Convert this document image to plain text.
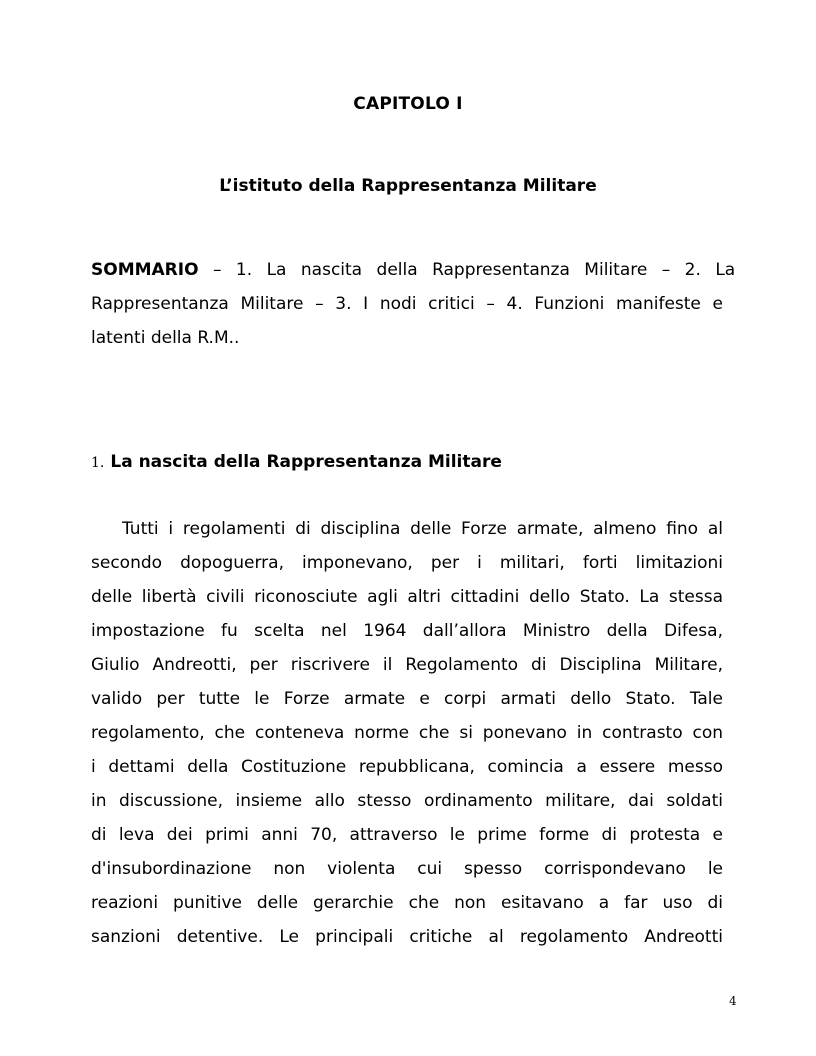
CAPITOLO I
L’istituto della Rappresentanza Militare
SOMMARIO – 1. La nascita della Rappresentanza Militare – 2. La
Rappresentanza Militare – 3. I nodi critici – 4. Funzioni manifeste e
latenti della R.M..
1. La nascita della Rappresentanza Militare
Tutti i regolamenti di disciplina delle Forze armate, almeno fino al
secondo dopoguerra, imponevano, per i militari, forti limitazioni
delle libertà civili riconosciute agli altri cittadini dello Stato. La stessa
impostazione fu scelta nel 1964 dall’allora Ministro della Difesa,
Giulio Andreotti, per riscrivere il Regolamento di Disciplina Militare,
valido per tutte le Forze armate e corpi armati dello Stato. Tale
regolamento, che conteneva norme che si ponevano in contrasto con
i dettami della Costituzione repubblicana, comincia a essere messo
in discussione, insieme allo stesso ordinamento militare, dai soldati
di leva dei primi anni 70, attraverso le prime forme di protesta e
d'insubordinazione non violenta cui spesso corrispondevano le
reazioni punitive delle gerarchie che non esitavano a far uso di
sanzioni detentive. Le principali critiche al regolamento Andreotti
4
